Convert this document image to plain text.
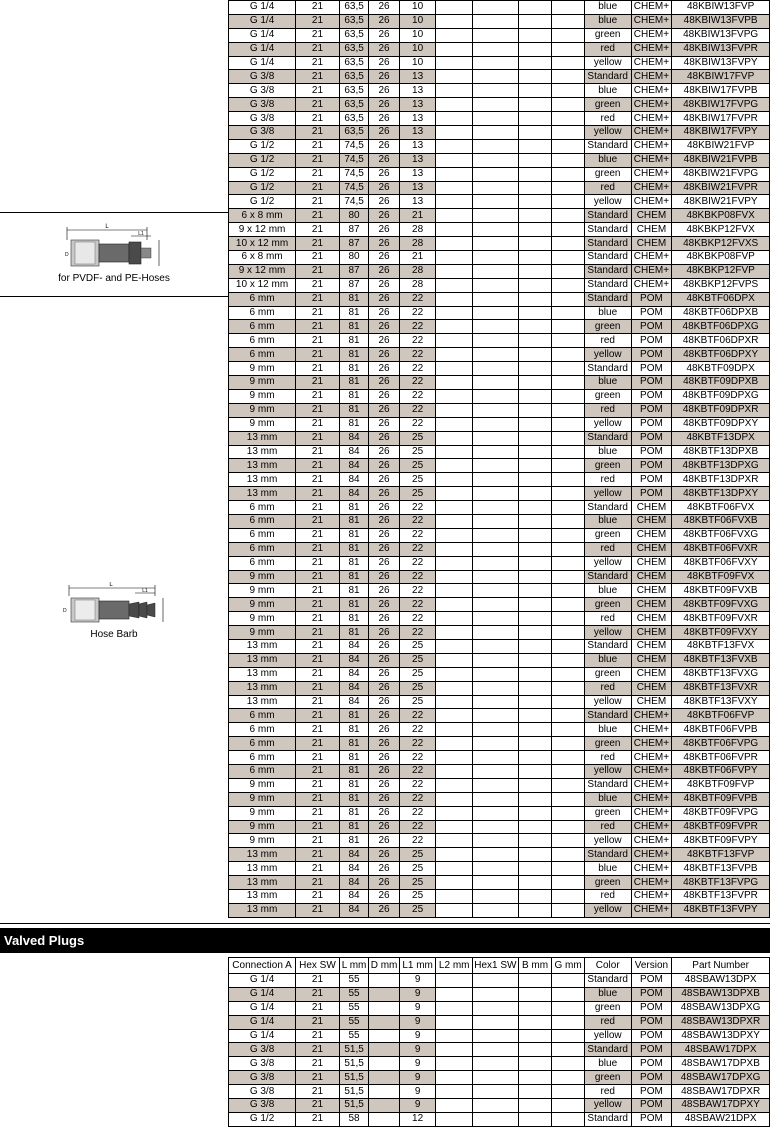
G 1/4	21	63,5	26	10					blue	CHEM+	48KBIW13FVP
G 1/4	21	63,5	26	10					blue	CHEM+	48KBIW13FVPB
G 1/4	21	63,5	26	10					green	CHEM+	48KBIW13FVPG
G 1/4	21	63,5	26	10					red	CHEM+	48KBIW13FVPR
G 1/4	21	63,5	26	10					yellow	CHEM+	48KBIW13FVPY
G 3/8	21	63,5	26	13					Standard	CHEM+	48KBIW17FVP
G 3/8	21	63,5	26	13					blue	CHEM+	48KBIW17FVPB
G 3/8	21	63,5	26	13					green	CHEM+	48KBIW17FVPG
G 3/8	21	63,5	26	13					red	CHEM+	48KBIW17FVPR
G 3/8	21	63,5	26	13					yellow	CHEM+	48KBIW17FVPY
G 1/2	21	74,5	26	13					Standard	CHEM+	48KBIW21FVP
G 1/2	21	74,5	26	13					blue	CHEM+	48KBIW21FVPB
G 1/2	21	74,5	26	13					green	CHEM+	48KBIW21FVPG
G 1/2	21	74,5	26	13					red	CHEM+	48KBIW21FVPR
G 1/2	21	74,5	26	13					yellow	CHEM+	48KBIW21FVPY
6 x 8 mm	21	80	26	21					Standard	CHEM	48KBKP08FVX
9 x 12 mm	21	87	26	28					Standard	CHEM	48KBKP12FVX
10 x 12 mm	21	87	26	28					Standard	CHEM	48KBKP12FVXS
6 x 8 mm	21	80	26	21					Standard	CHEM+	48KBKP08FVP
9 x 12 mm	21	87	26	28					Standard	CHEM+	48KBKP12FVP
10 x 12 mm	21	87	26	28					Standard	CHEM+	48KBKP12FVPS
6 mm	21	81	26	22					Standard	POM	48KBTF06DPX
6 mm	21	81	26	22					blue	POM	48KBTF06DPXB
6 mm	21	81	26	22					green	POM	48KBTF06DPXG
6 mm	21	81	26	22					red	POM	48KBTF06DPXR
6 mm	21	81	26	22					yellow	POM	48KBTF06DPXY
9 mm	21	81	26	22					Standard	POM	48KBTF09DPX
9 mm	21	81	26	22					blue	POM	48KBTF09DPXB
9 mm	21	81	26	22					green	POM	48KBTF09DPXG
9 mm	21	81	26	22					red	POM	48KBTF09DPXR
9 mm	21	81	26	22					yellow	POM	48KBTF09DPXY
13 mm	21	84	26	25					Standard	POM	48KBTF13DPX
13 mm	21	84	26	25					blue	POM	48KBTF13DPXB
13 mm	21	84	26	25					green	POM	48KBTF13DPXG
13 mm	21	84	26	25					red	POM	48KBTF13DPXR
13 mm	21	84	26	25					yellow	POM	48KBTF13DPXY
6 mm	21	81	26	22					Standard	CHEM	48KBTF06FVX
6 mm	21	81	26	22					blue	CHEM	48KBTF06FVXB
6 mm	21	81	26	22					green	CHEM	48KBTF06FVXG
6 mm	21	81	26	22					red	CHEM	48KBTF06FVXR
6 mm	21	81	26	22					yellow	CHEM	48KBTF06FVXY
9 mm	21	81	26	22					Standard	CHEM	48KBTF09FVX
9 mm	21	81	26	22					blue	CHEM	48KBTF09FVXB
9 mm	21	81	26	22					green	CHEM	48KBTF09FVXG
9 mm	21	81	26	22					red	CHEM	48KBTF09FVXR
9 mm	21	81	26	22					yellow	CHEM	48KBTF09FVXY
13 mm	21	84	26	25					Standard	CHEM	48KBTF13FVX
13 mm	21	84	26	25					blue	CHEM	48KBTF13FVXB
13 mm	21	84	26	25					green	CHEM	48KBTF13FVXG
13 mm	21	84	26	25					red	CHEM	48KBTF13FVXR
13 mm	21	84	26	25					yellow	CHEM	48KBTF13FVXY
6 mm	21	81	26	22					Standard	CHEM+	48KBTF06FVP
6 mm	21	81	26	22					blue	CHEM+	48KBTF06FVPB
6 mm	21	81	26	22					green	CHEM+	48KBTF06FVPG
6 mm	21	81	26	22					red	CHEM+	48KBTF06FVPR
6 mm	21	81	26	22					yellow	CHEM+	48KBTF06FVPY
9 mm	21	81	26	22					Standard	CHEM+	48KBTF09FVP
9 mm	21	81	26	22					blue	CHEM+	48KBTF09FVPB
9 mm	21	81	26	22					green	CHEM+	48KBTF09FVPG
9 mm	21	81	26	22					red	CHEM+	48KBTF09FVPR
9 mm	21	81	26	22					yellow	CHEM+	48KBTF09FVPY
13 mm	21	84	26	25					Standard	CHEM+	48KBTF13FVP
13 mm	21	84	26	25					blue	CHEM+	48KBTF13FVPB
13 mm	21	84	26	25					green	CHEM+	48KBTF13FVPG
13 mm	21	84	26	25					red	CHEM+	48KBTF13FVPR
13 mm	21	84	26	25					yellow	CHEM+	48KBTF13FVPY
L
L1
D
for PVDF- and PE-Hoses
L
L1
D
Hose Barb
Valved Plugs
Connection A	Hex SW	L mm	D mm	L1 mm	L2 mm	Hex1 SW	B mm	G mm	Color	Version	Part Number
G 1/4	21	55		9					Standard	POM	48SBAW13DPX
G 1/4	21	55		9					blue	POM	48SBAW13DPXB
G 1/4	21	55		9					green	POM	48SBAW13DPXG
G 1/4	21	55		9					red	POM	48SBAW13DPXR
G 1/4	21	55		9					yellow	POM	48SBAW13DPXY
G 3/8	21	51,5		9					Standard	POM	48SBAW17DPX
G 3/8	21	51,5		9					blue	POM	48SBAW17DPXB
G 3/8	21	51,5		9					green	POM	48SBAW17DPXG
G 3/8	21	51,5		9					red	POM	48SBAW17DPXR
G 3/8	21	51,5		9					yellow	POM	48SBAW17DPXY
G 1/2	21	58		12					Standard	POM	48SBAW21DPX
